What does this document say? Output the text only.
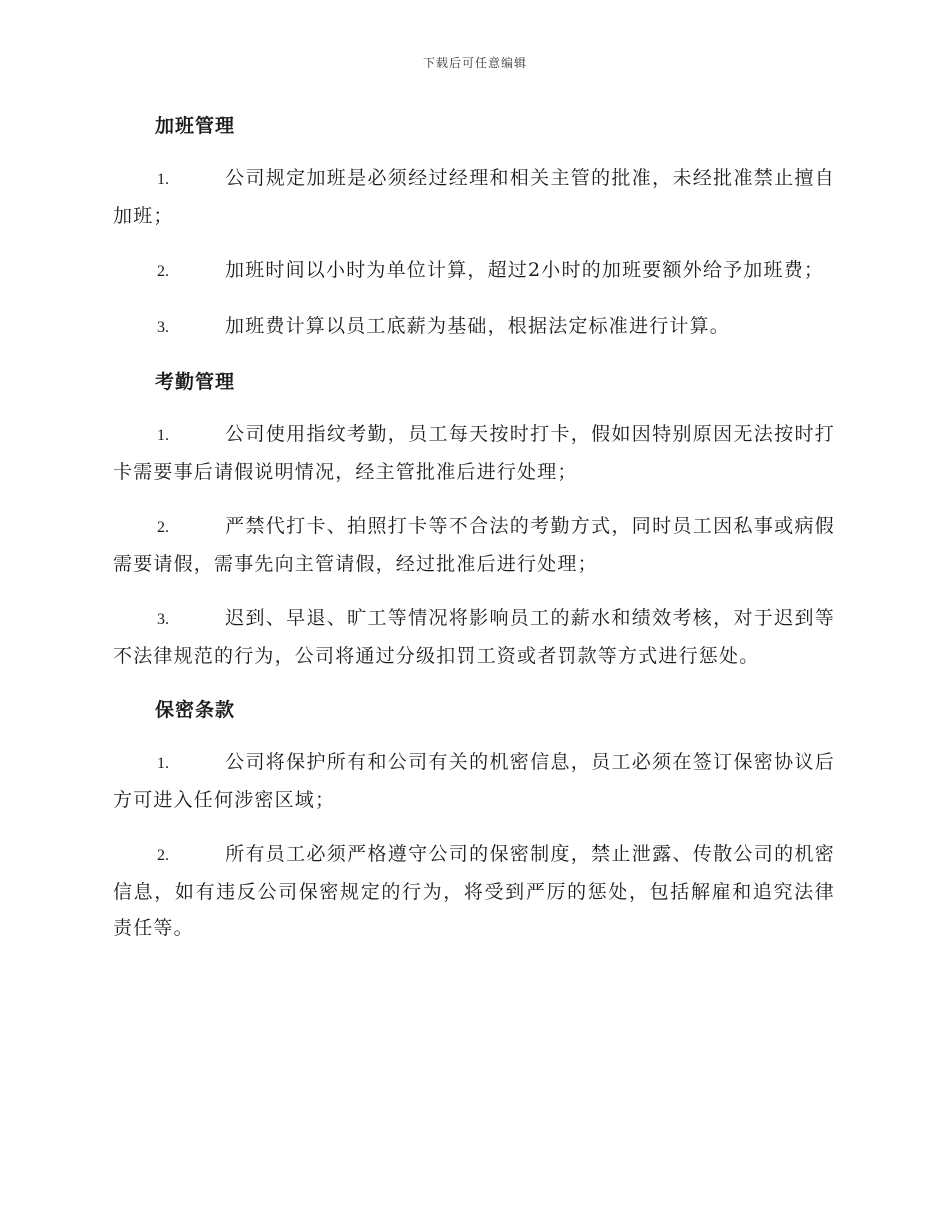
下载后可任意编辑
加班管理

1.	公司规定加班是必须经过经理和相关主管的批准，未经批准禁止擅自加班；

2.	加班时间以小时为单位计算，超过2小时的加班要额外给予加班费；

3.	加班费计算以员工底薪为基础，根据法定标准进行计算。

考勤管理

1.	公司使用指纹考勤，员工每天按时打卡，假如因特别原因无法按时打卡需要事后请假说明情况，经主管批准后进行处理；

2.	严禁代打卡、拍照打卡等不合法的考勤方式，同时员工因私事或病假需要请假，需事先向主管请假，经过批准后进行处理；

3.	迟到、早退、旷工等情况将影响员工的薪水和绩效考核，对于迟到等不法律规范的行为，公司将通过分级扣罚工资或者罚款等方式进行惩处。

保密条款

1.	公司将保护所有和公司有关的机密信息，员工必须在签订保密协议后方可进入任何涉密区域；

2.	所有员工必须严格遵守公司的保密制度，禁止泄露、传散公司的机密信息，如有违反公司保密规定的行为，将受到严厉的惩处，包括解雇和追究法律责任等。
